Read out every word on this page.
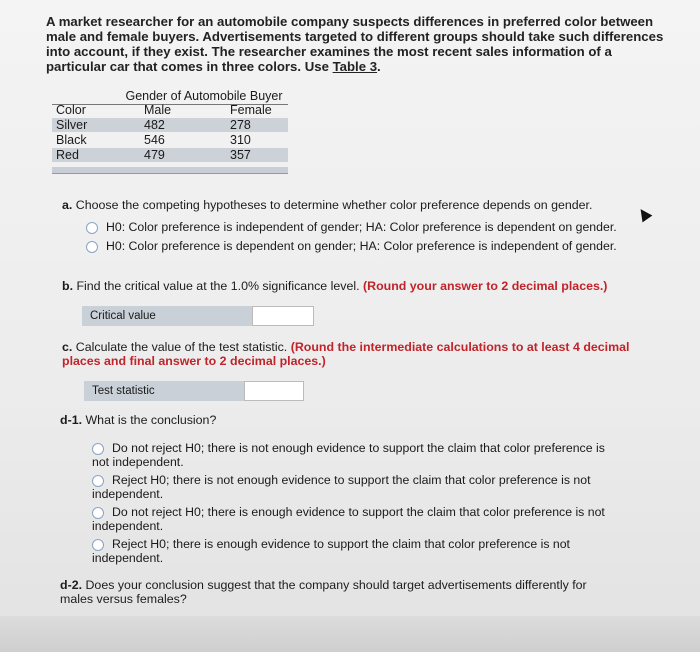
A market researcher for an automobile company suspects differences in preferred color between male and female buyers. Advertisements targeted to different groups should take such differences into account, if they exist. The researcher examines the most recent sales information of a particular car that comes in three colors. Use Table 3.
Gender of Automobile Buyer
Color	Male	Female
Silver	482	278
Black	546	310
Red	479	357
a. Choose the competing hypotheses to determine whether color preference depends on gender.
H0: Color preference is independent of gender; HA: Color preference is dependent on gender.
H0: Color preference is dependent on gender; HA: Color preference is independent of gender.
b. Find the critical value at the 1.0% significance level. (Round your answer to 2 decimal places.)
Critical value
c. Calculate the value of the test statistic. (Round the intermediate calculations to at least 4 decimal places and final answer to 2 decimal places.)
Test statistic
d-1. What is the conclusion?
Do not reject H0; there is not enough evidence to support the claim that color preference is not independent.
Reject H0; there is not enough evidence to support the claim that color preference is not independent.
Do not reject H0; there is enough evidence to support the claim that color preference is not independent.
Reject H0; there is enough evidence to support the claim that color preference is not independent.
d-2. Does your conclusion suggest that the company should target advertisements differently for males versus females?
